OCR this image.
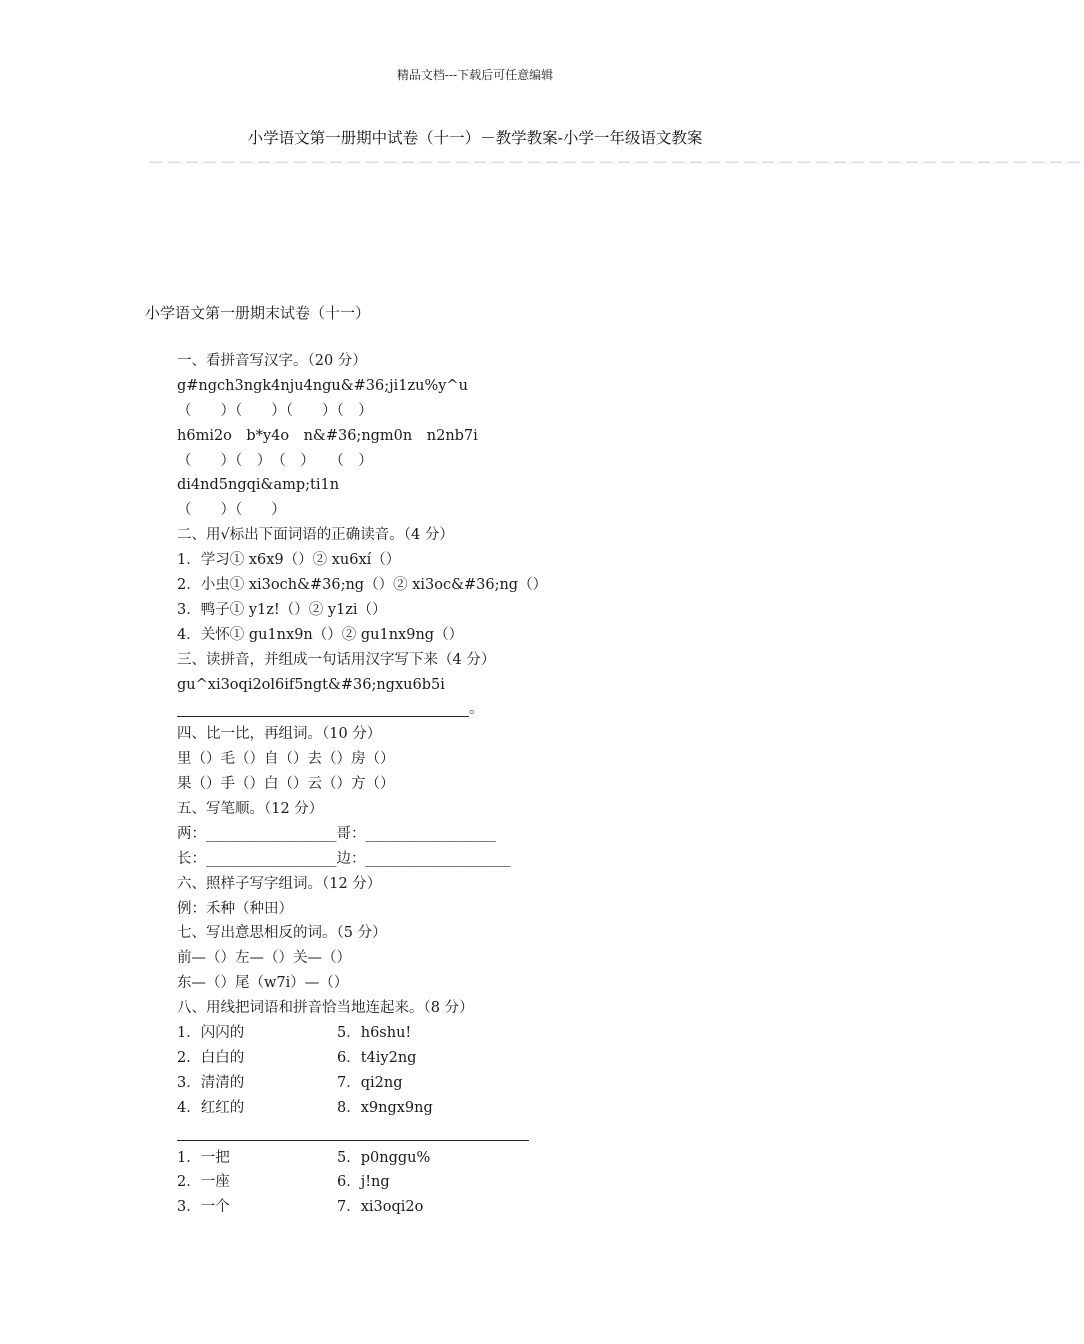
精品文档---下载后可任意编辑
小学语文第一册期中试卷（十一）－教学教案-小学一年级语文教案
－－－－－－－－－－－－－－－－－－－－－－－－－－－－－－－－－－－－－－－－－－－－－－－－－－－－
小学语文第一册期末试卷（十一）
一、看拼音写汉字。（20 分）
g#ngch3ngk4nju4ngu&#36;ji1zu%y^u
（　　）（　　）（　　）（　）
h6mi2o　b*y4o　n&#36;ngm0n　n2nb7i
（　　）（　）　（　）　　（　）
di4nd5ngqi&amp;ti1n
（　　）（　　）
二、用√标出下面词语的正确读音。（4 分）
1．学习① x6x9（）② xu6xí（）
2．小虫① xi3och&#36;ng（）② xi3oc&#36;ng（）
3．鸭子① y1z!（）② y1zi（）
4．关怀① gu1nx9n（）② gu1nx9ng（）
三、读拼音，并组成一句话用汉字写下来（4 分）
gu^xi3oqi2ol6if5ngt&#36;ngxu6b5i
。
四、比一比，再组词。（10 分）
里（）毛（）自（）去（）房（）
果（）手（）白（）云（）方（）
五、写笔顺。（12 分）
两：__________________哥：__________________
长：__________________边：____________________
六、照样子写字组词。（12 分）
例：禾种（种田）
七、写出意思相反的词。（5 分）
前—（）左—（）关—（）
东—（）尾（w7i）—（）
八、用线把词语和拼音恰当地连起来。（8 分）
1．闪闪的	5．h6shu!
2．白白的	6．t4iy2ng
3．清清的	7．qi2ng
4．红红的	8．x9ngx9ng
1．一把	5．p0nggu%
2．一座	6．j!ng
3．一个	7．xi3oqi2o
